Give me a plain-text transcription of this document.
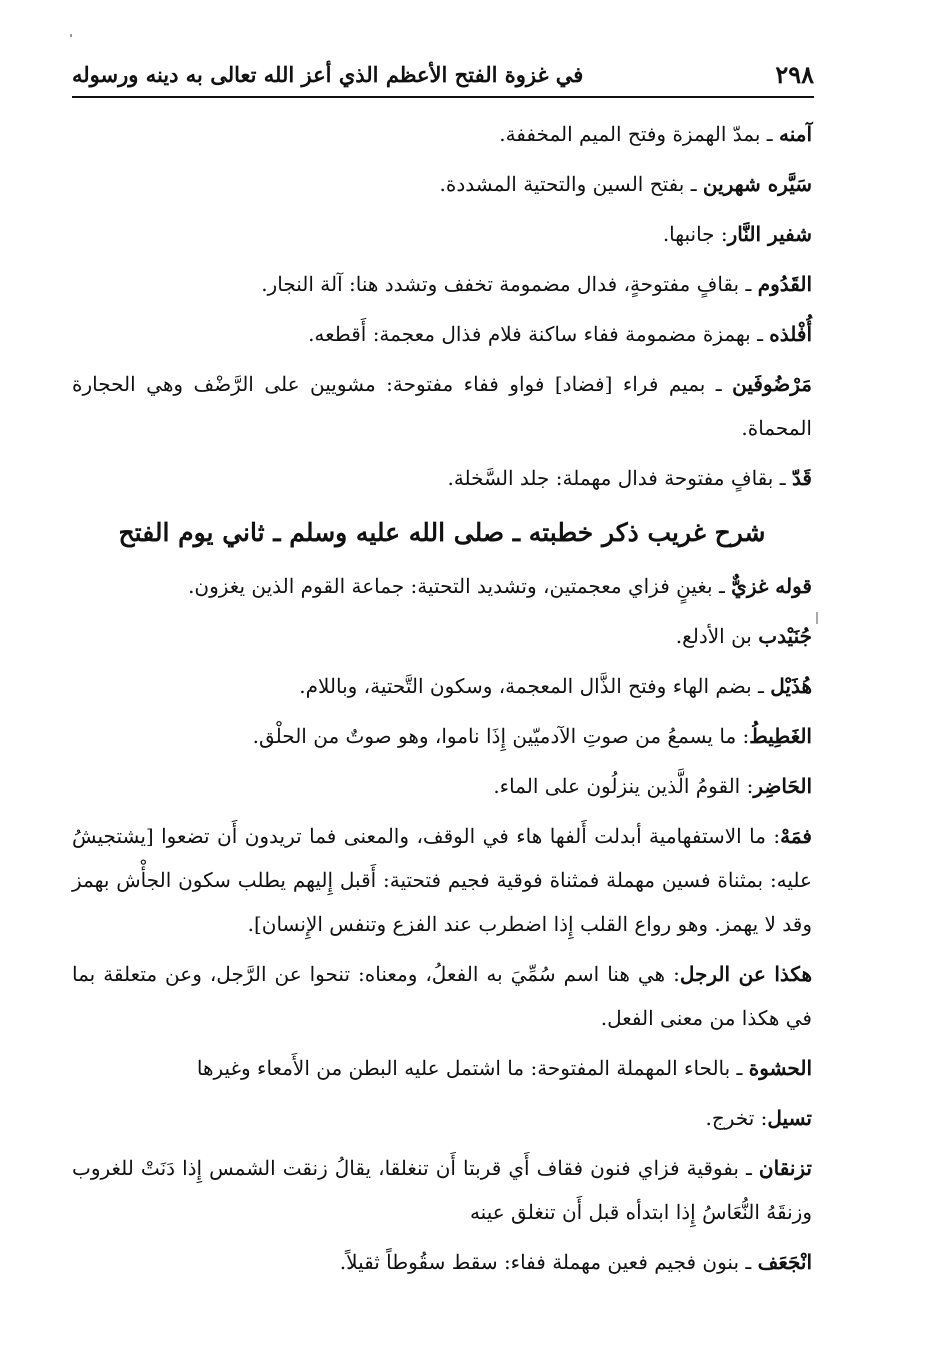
في غزوة الفتح الأعظم الذي أعز الله تعالى به دينه ورسوله	٢٩٨

آمنه ـ بمدّ الهمزة وفتح الميم المخففة.

سَيَّره شهرين ـ بفتح السين والتحتية المشددة.

شفير النَّار: جانبها.

القَدُوم ـ بقافٍ مفتوحةٍ، فدال مضمومة تخفف وتشدد هنا: آلة النجار.

أُفْلذه ـ بهمزة مضمومة ففاء ساكنة فلام فذال معجمة: أَقطعه.

مَرْضُوفَين ـ بميم فراء [فضاد] فواو ففاء مفتوحة: مشويين على الرَّضْف وهي الحجارة المحماة.

قَدّ ـ بقافٍ مفتوحة فدال مهملة: جلد السَّخلة.

شرح غريب ذكر خطبته ـ صلى الله عليه وسلم ـ ثاني يوم الفتح

قوله غزيٌّ ـ بغينٍ فزاي معجمتين، وتشديد التحتية: جماعة القوم الذين يغزون.

جُنَيْدب بن الأدلع.

هُذَيْل ـ بضم الهاء وفتح الذَّال المعجمة، وسكون التَّحتية، وباللام.

الغَطِيطُ: ما يسمعُ من صوتِ الآدميّين إِذَا ناموا، وهو صوتٌ من الحلْق.

الحَاضِر: القومُ الَّذين ينزلُون على الماء.

فمَهْ: ما الاستفهامية أبدلت أَلفها هاء في الوقف، والمعنى فما تريدون أَن تضعوا [يشتجيشُ عليه: بمثناة فسين مهملة فمثناة فوقية فجيم فتحتية: أَقبل إِليهم يطلب سكون الجأْش بهمز وقد لا يهمز. وهو رواع القلب إِذا اضطرب عند الفزع وتنفس الإِنسان].

هكذا عن الرجل: هي هنا اسم سُمِّيَ به الفعلُ، ومعناه: تنحوا عن الرَّجل، وعن متعلقة بما في هكذا من معنى الفعل.

الحشوة ـ بالحاء المهملة المفتوحة: ما اشتمل عليه البطن من الأَمعاء وغيرها

تسيل: تخرج.

تزنقان ـ بفوقية فزاي فنون فقاف أَي قربتا أَن تنغلقا، يقالُ زنقت الشمس إِذا دَنَتْ للغروب وزنقَهُ النُّعَاسُ إِذا ابتدأه قبل أَن تنغلق عينه

انْجَعَف ـ بنون فجيم فعين مهملة ففاء: سقط سقُوطاً ثقيلاً.
